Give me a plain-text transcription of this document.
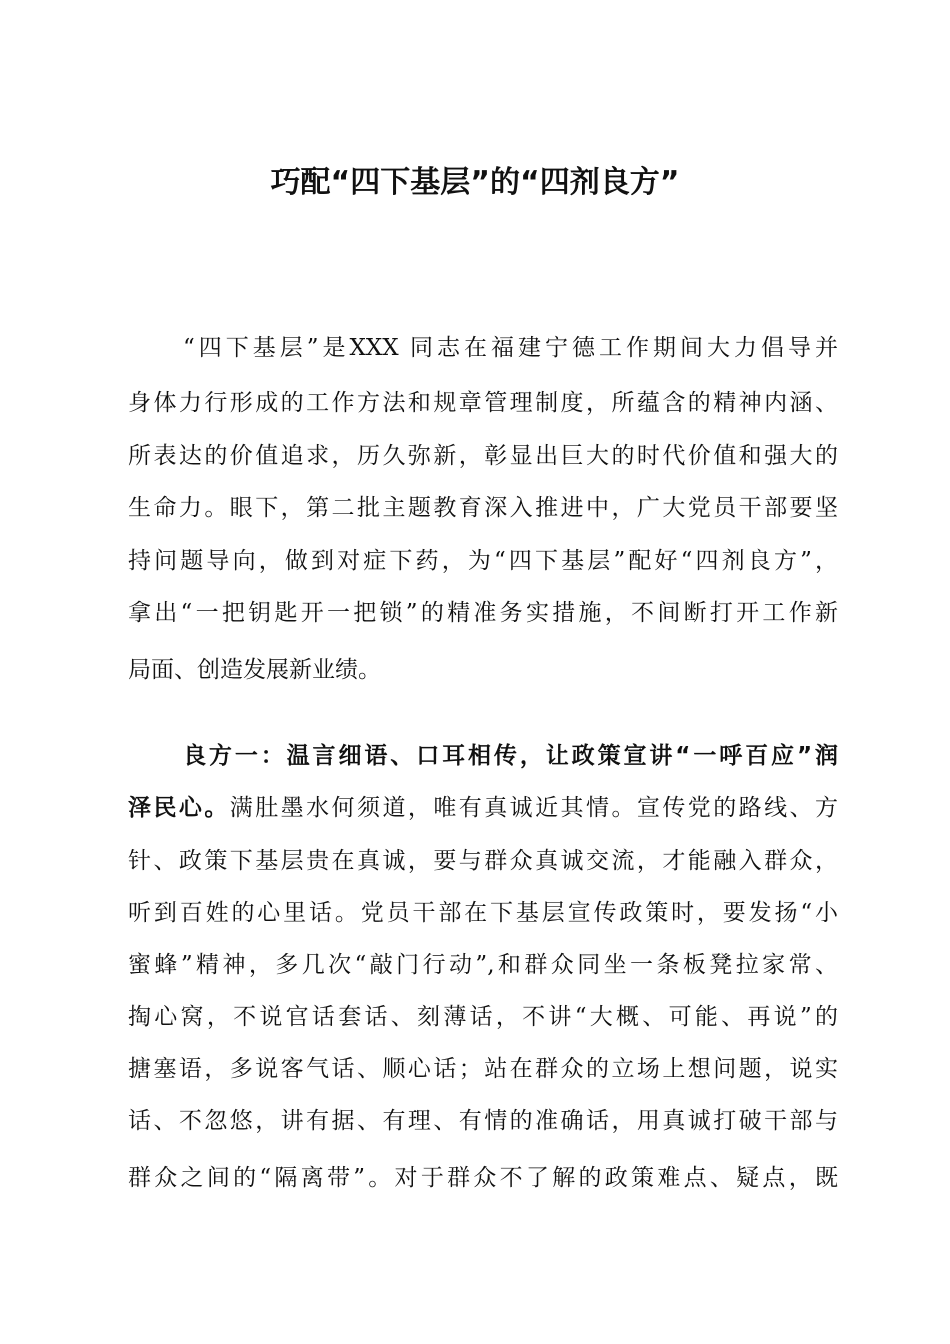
巧配“四下基层”的“四剂良方”
“四下基层”是XXX 同志在福建宁德工作期间大力倡导并
身体力行形成的工作方法和规章管理制度，所蕴含的精神内涵、
所表达的价值追求，历久弥新，彰显出巨大的时代价值和强大的
生命力。眼下，第二批主题教育深入推进中，广大党员干部要坚
持问题导向，做到对症下药，为“四下基层”配好“四剂良方”，
拿出“一把钥匙开一把锁”的精准务实措施，不间断打开工作新
局面、创造发展新业绩。
良方一：温言细语、口耳相传，让政策宣讲“一呼百应”润
泽民心。满肚墨水何须道，唯有真诚近其情。宣传党的路线、方
针、政策下基层贵在真诚，要与群众真诚交流，才能融入群众，
听到百姓的心里话。党员干部在下基层宣传政策时，要发扬“小
蜜蜂”精神，多几次“敲门行动”,和群众同坐一条板凳拉家常、
掏心窝，不说官话套话、刻薄话，不讲“大概、可能、再说”的
搪塞语，多说客气话、顺心话；站在群众的立场上想问题，说实
话、不忽悠，讲有据、有理、有情的准确话，用真诚打破干部与
群众之间的“隔离带”。对于群众不了解的政策难点、疑点，既
